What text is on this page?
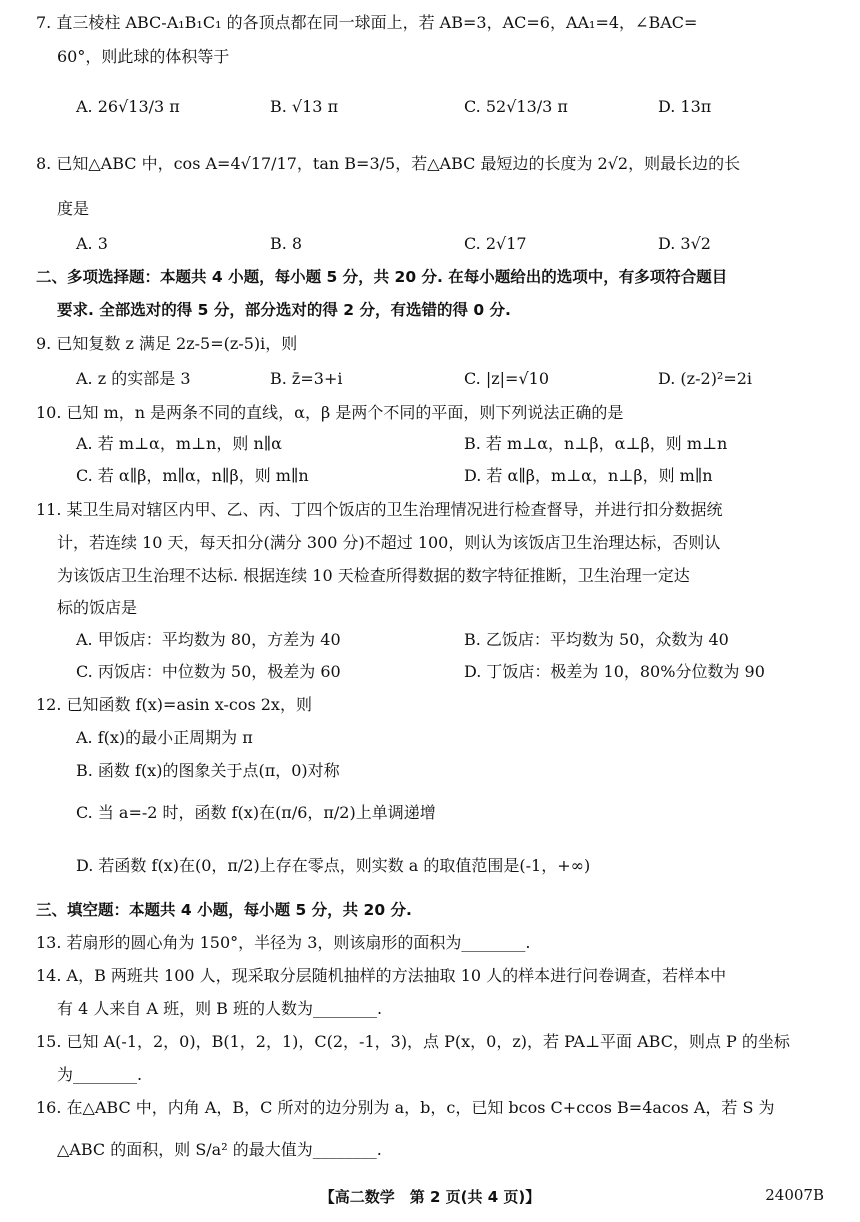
7. 直三棱柱 ABC-A₁B₁C₁ 的各顶点都在同一球面上，若 AB=3，AC=6，AA₁=4，∠BAC=
60°，则此球的体积等于
A. 26√13/3 π	B. √13 π	C. 52√13/3 π	D. 13π
8. 已知△ABC 中，cos A=4√17/17，tan B=3/5，若△ABC 最短边的长度为 2√2，则最长边的长
度是
A. 3	B. 8	C. 2√17	D. 3√2
二、多项选择题：本题共 4 小题，每小题 5 分，共 20 分. 在每小题给出的选项中，有多项符合题目
要求. 全部选对的得 5 分，部分选对的得 2 分，有选错的得 0 分.
9. 已知复数 z 满足 2z-5=(z-5)i，则
A. z 的实部是 3	B. z̄=3+i	C. |z|=√10	D. (z-2)²=2i
10. 已知 m，n 是两条不同的直线，α，β 是两个不同的平面，则下列说法正确的是
A. 若 m⊥α，m⊥n，则 n∥α	B. 若 m⊥α，n⊥β，α⊥β，则 m⊥n
C. 若 α∥β，m∥α，n∥β，则 m∥n	D. 若 α∥β，m⊥α，n⊥β，则 m∥n
11. 某卫生局对辖区内甲、乙、丙、丁四个饭店的卫生治理情况进行检查督导，并进行扣分数据统
计，若连续 10 天，每天扣分(满分 300 分)不超过 100，则认为该饭店卫生治理达标，否则认
为该饭店卫生治理不达标. 根据连续 10 天检查所得数据的数字特征推断，卫生治理一定达
标的饭店是
A. 甲饭店：平均数为 80，方差为 40	B. 乙饭店：平均数为 50，众数为 40
C. 丙饭店：中位数为 50，极差为 60	D. 丁饭店：极差为 10，80%分位数为 90
12. 已知函数 f(x)=asin x-cos 2x，则
A. f(x)的最小正周期为 π
B. 函数 f(x)的图象关于点(π，0)对称
C. 当 a=-2 时，函数 f(x)在(π/6，π/2)上单调递增
D. 若函数 f(x)在(0，π/2)上存在零点，则实数 a 的取值范围是(-1，+∞)
三、填空题：本题共 4 小题，每小题 5 分，共 20 分.
13. 若扇形的圆心角为 150°，半径为 3，则该扇形的面积为________.
14. A，B 两班共 100 人，现采取分层随机抽样的方法抽取 10 人的样本进行问卷调查，若样本中
有 4 人来自 A 班，则 B 班的人数为________.
15. 已知 A(-1，2，0)，B(1，2，1)，C(2，-1，3)，点 P(x，0，z)，若 PA⊥平面 ABC，则点 P 的坐标
为________.
16. 在△ABC 中，内角 A，B，C 所对的边分别为 a，b，c，已知 bcos C+ccos B=4acos A，若 S 为
△ABC 的面积，则 S/a² 的最大值为________.
【高二数学　第 2 页(共 4 页)】	24007B
